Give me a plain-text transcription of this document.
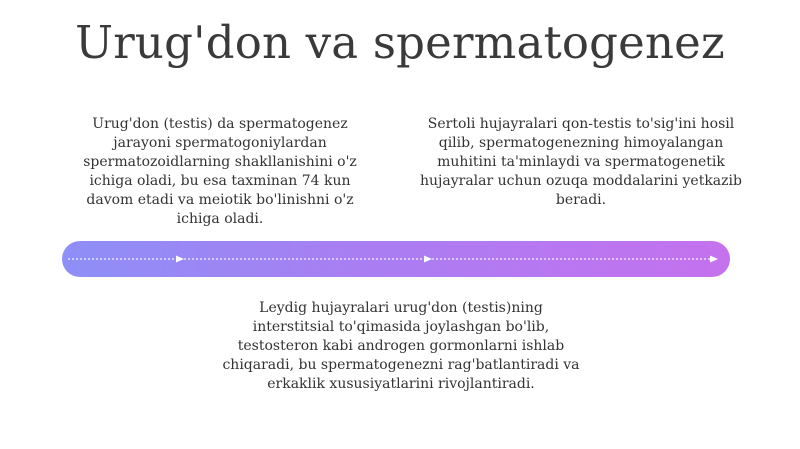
Urug'don va spermatogenez

Urug'don (testis) da spermatogenez jarayoni spermatogoniylardan spermatozoidlarning shakllanishini o'z ichiga oladi, bu esa taxminan 74 kun davom etadi va meiotik bo'linishni o'z ichiga oladi.

Sertoli hujayralari qon-testis to'sig'ini hosil qilib, spermatogenezning himoyalangan muhitini ta'minlaydi va spermatogenetik hujayralar uchun ozuqa moddalarini yetkazib beradi.

Leydig hujayralari urug'don (testis)ning interstitsial to'qimasida joylashgan bo'lib, testosteron kabi androgen gormonlarni ishlab chiqaradi, bu spermatogenezni rag'batlantiradi va erkaklik xususiyatlarini rivojlantiradi.
